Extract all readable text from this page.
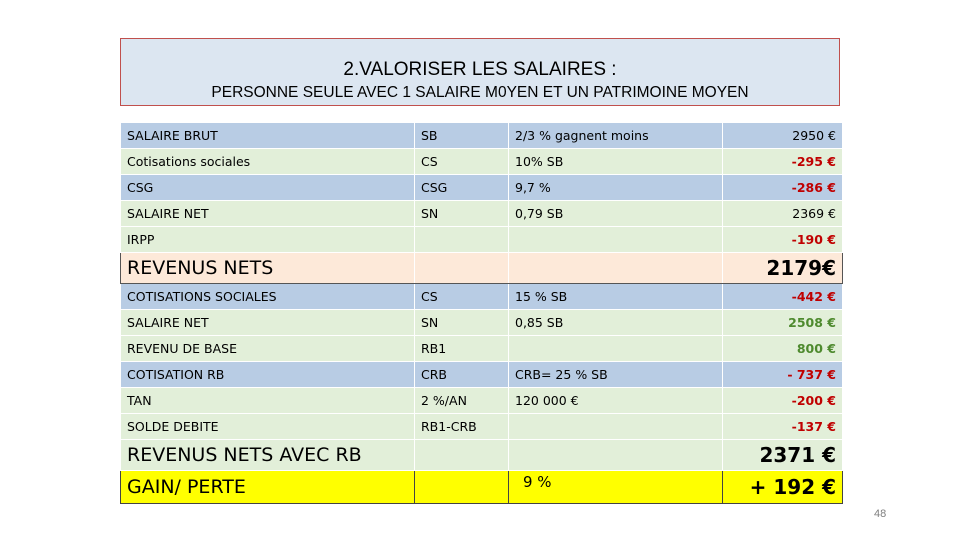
2.VALORISER LES SALAIRES :
PERSONNE SEULE AVEC 1 SALAIRE M0YEN ET UN PATRIMOINE MOYEN
SALAIRE BRUT	SB	2/3 % gagnent moins	2950 €
Cotisations sociales	CS	10% SB	-295 €
CSG	CSG	9,7 %	-286 €
SALAIRE NET	SN	0,79 SB	2369 €
IRPP			-190 €
REVENUS NETS			2179€
COTISATIONS SOCIALES	CS	15 % SB	-442 €
SALAIRE NET	SN	0,85 SB	2508 €
REVENU DE BASE	RB1		800 €
COTISATION RB	CRB	CRB= 25 % SB	- 737 €
TAN	2 %/AN	120 000 €	-200 €
SOLDE DEBITE	RB1-CRB		-137 €
REVENUS NETS AVEC RB			2371 €
GAIN/ PERTE		9 %	+ 192 €
48
